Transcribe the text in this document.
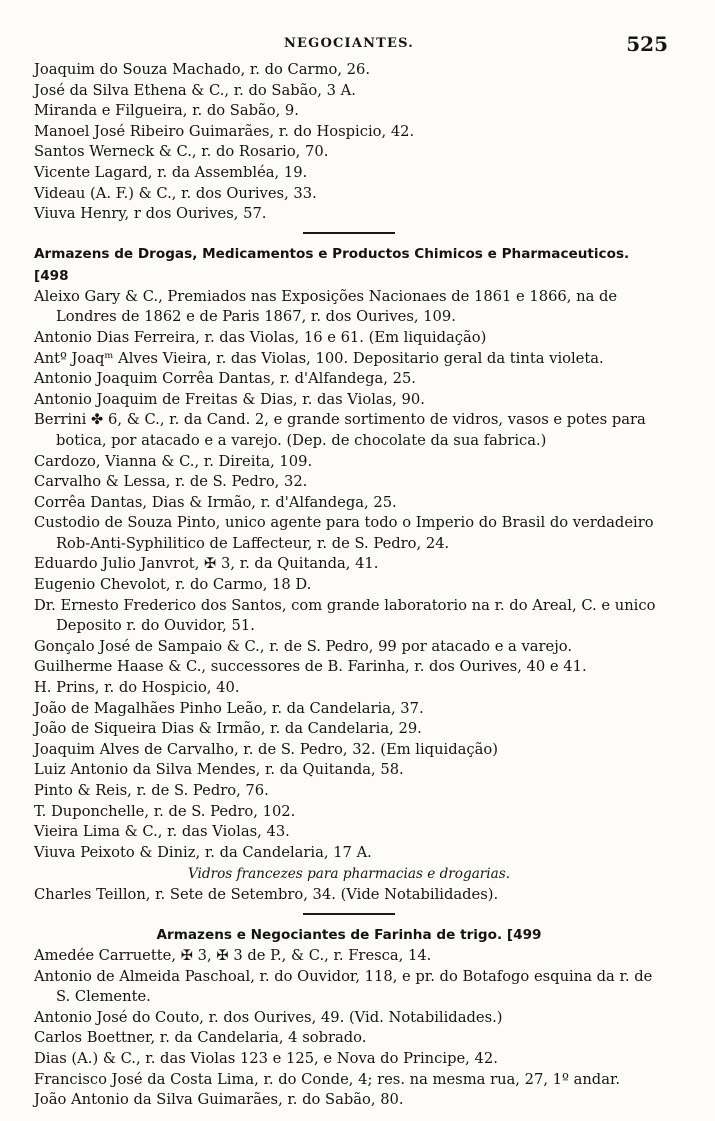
NEGOCIANTES.	525
Joaquim do Souza Machado, r. do Carmo, 26.
José da Silva Ethena & C., r. do Sabão, 3 A.
Miranda e Filgueira, r. do Sabão, 9.
Manoel José Ribeiro Guimarães, r. do Hospicio, 42.
Santos Werneck & C., r. do Rosario, 70.
Vicente Lagard, r. da Assembléa, 19.
Videau (A. F.) & C., r. dos Ourives, 33.
Viuva Henry, r dos Ourives, 57.
Armazens de Drogas, Medicamentos e Productos Chimicos e Pharmaceuticos. [498
Aleixo Gary & C., Premiados nas Exposições Nacionaes de 1861 e 1866, na de Londres de 1862 e de Paris 1867, r. dos Ourives, 109.
Antonio Dias Ferreira, r. das Violas, 16 e 61. (Em liquidação)
Antº Joaqᵐ Alves Vieira, r. das Violas, 100. Depositario geral da tinta violeta.
Antonio Joaquim Corrêa Dantas, r. d'Alfandega, 25.
Antonio Joaquim de Freitas & Dias, r. das Violas, 90.
Berrini ✤ 6, & C., r. da Cand. 2, e grande sortimento de vidros, vasos e potes para botica, por atacado e a varejo. (Dep. de chocolate da sua fabrica.)
Cardozo, Vianna & C., r. Direita, 109.
Carvalho & Lessa, r. de S. Pedro, 32.
Corrêa Dantas, Dias & Irmão, r. d'Alfandega, 25.
Custodio de Souza Pinto, unico agente para todo o Imperio do Brasil do verdadeiro Rob-Anti-Syphilitico de Laffecteur, r. de S. Pedro, 24.
Eduardo Julio Janvrot, ✠ 3, r. da Quitanda, 41.
Eugenio Chevolot, r. do Carmo, 18 D.
Dr. Ernesto Frederico dos Santos, com grande laboratorio na r. do Areal, C. e unico Deposito r. do Ouvidor, 51.
Gonçalo José de Sampaio & C., r. de S. Pedro, 99 por atacado e a varejo.
Guilherme Haase & C., successores de B. Farinha, r. dos Ourives, 40 e 41.
H. Prins, r. do Hospicio, 40.
João de Magalhães Pinho Leão, r. da Candelaria, 37.
João de Siqueira Dias & Irmão, r. da Candelaria, 29.
Joaquim Alves de Carvalho, r. de S. Pedro, 32. (Em liquidação)
Luiz Antonio da Silva Mendes, r. da Quitanda, 58.
Pinto & Reis, r. de S. Pedro, 76.
T. Duponchelle, r. de S. Pedro, 102.
Vieira Lima & C., r. das Violas, 43.
Viuva Peixoto & Diniz, r. da Candelaria, 17 A.
Vidros francezes para pharmacias e drogarias.
Charles Teillon, r. Sete de Setembro, 34. (Vide Notabilidades).
Armazens e Negociantes de Farinha de trigo. [499
Amedée Carruette, ✠ 3, ✠ 3 de P., & C., r. Fresca, 14.
Antonio de Almeida Paschoal, r. do Ouvidor, 118, e pr. do Botafogo esquina da r. de S. Clemente.
Antonio José do Couto, r. dos Ourives, 49. (Vid. Notabilidades.)
Carlos Boettner, r. da Candelaria, 4 sobrado.
Dias (A.) & C., r. das Violas 123 e 125, e Nova do Principe, 42.
Francisco José da Costa Lima, r. do Conde, 4; res. na mesma rua, 27, 1º andar.
João Antonio da Silva Guimarães, r. do Sabão, 80.
